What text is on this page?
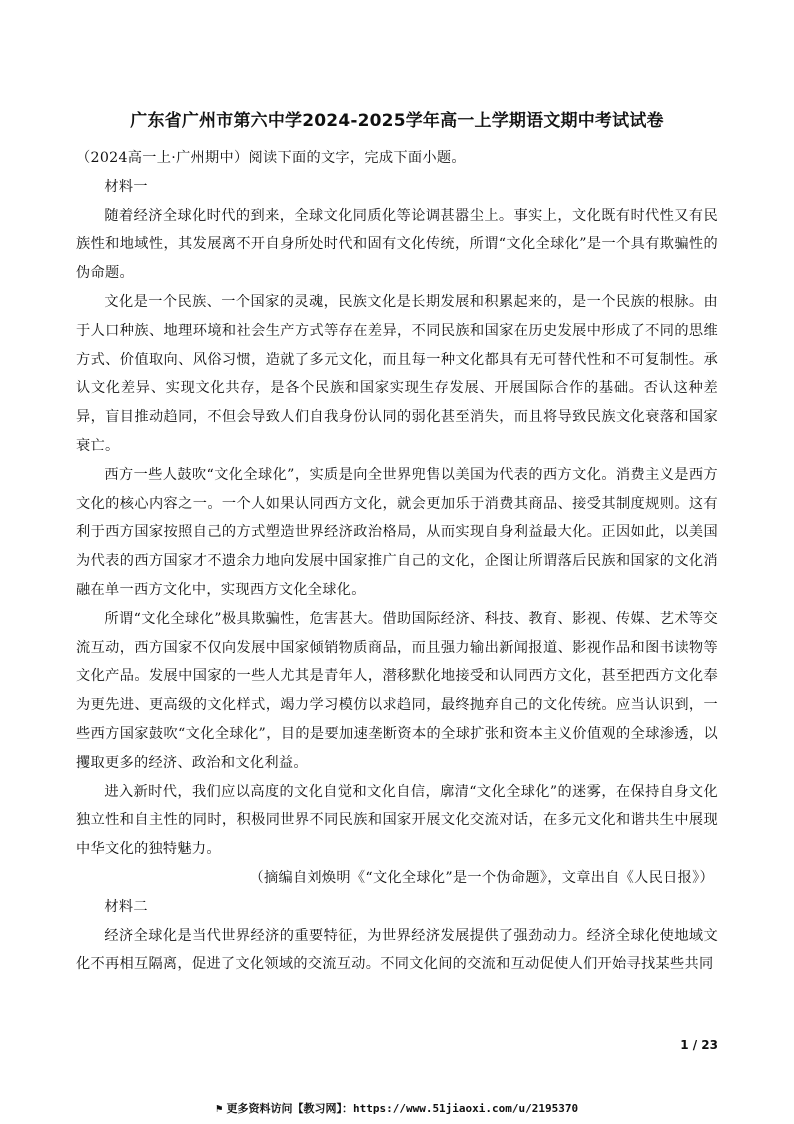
广东省广州市第六中学2024-2025学年高一上学期语文期中考试试卷

（2024高一上·广州期中）阅读下面的文字，完成下面小题。

材料一

随着经济全球化时代的到来，全球文化同质化等论调甚嚣尘上。事实上，文化既有时代性又有民族性和地域性，其发展离不开自身所处时代和固有文化传统，所谓“文化全球化”是一个具有欺骗性的伪命题。

文化是一个民族、一个国家的灵魂，民族文化是长期发展和积累起来的，是一个民族的根脉。由于人口种族、地理环境和社会生产方式等存在差异，不同民族和国家在历史发展中形成了不同的思维方式、价值取向、风俗习惯，造就了多元文化，而且每一种文化都具有无可替代性和不可复制性。承认文化差异、实现文化共存，是各个民族和国家实现生存发展、开展国际合作的基础。否认这种差异，盲目推动趋同，不但会导致人们自我身份认同的弱化甚至消失，而且将导致民族文化衰落和国家衰亡。

西方一些人鼓吹“文化全球化”，实质是向全世界兜售以美国为代表的西方文化。消费主义是西方文化的核心内容之一。一个人如果认同西方文化，就会更加乐于消费其商品、接受其制度规则。这有利于西方国家按照自己的方式塑造世界经济政治格局，从而实现自身利益最大化。正因如此，以美国为代表的西方国家才不遗余力地向发展中国家推广自己的文化，企图让所谓落后民族和国家的文化消融在单一西方文化中，实现西方文化全球化。

所谓“文化全球化”极具欺骗性，危害甚大。借助国际经济、科技、教育、影视、传媒、艺术等交流互动，西方国家不仅向发展中国家倾销物质商品，而且强力输出新闻报道、影视作品和图书读物等文化产品。发展中国家的一些人尤其是青年人，潜移默化地接受和认同西方文化，甚至把西方文化奉为更先进、更高级的文化样式，竭力学习模仿以求趋同，最终抛弃自己的文化传统。应当认识到，一些西方国家鼓吹“文化全球化”，目的是要加速垄断资本的全球扩张和资本主义价值观的全球渗透，以攫取更多的经济、政治和文化利益。

进入新时代，我们应以高度的文化自觉和文化自信，廓清“文化全球化”的迷雾，在保持自身文化独立性和自主性的同时，积极同世界不同民族和国家开展文化交流对话，在多元文化和谐共生中展现中华文化的独特魅力。

（摘编自刘焕明《“文化全球化”是一个伪命题》，文章出自《人民日报》）

材料二

经济全球化是当代世界经济的重要特征，为世界经济发展提供了强劲动力。经济全球化使地域文化不再相互隔离，促进了文化领域的交流互动。不同文化间的交流和互动促使人们开始寻找某些共同

1 / 23
⚑ 更多资料访问【教习网】：https://www.51jiaoxi.com/u/2195370
